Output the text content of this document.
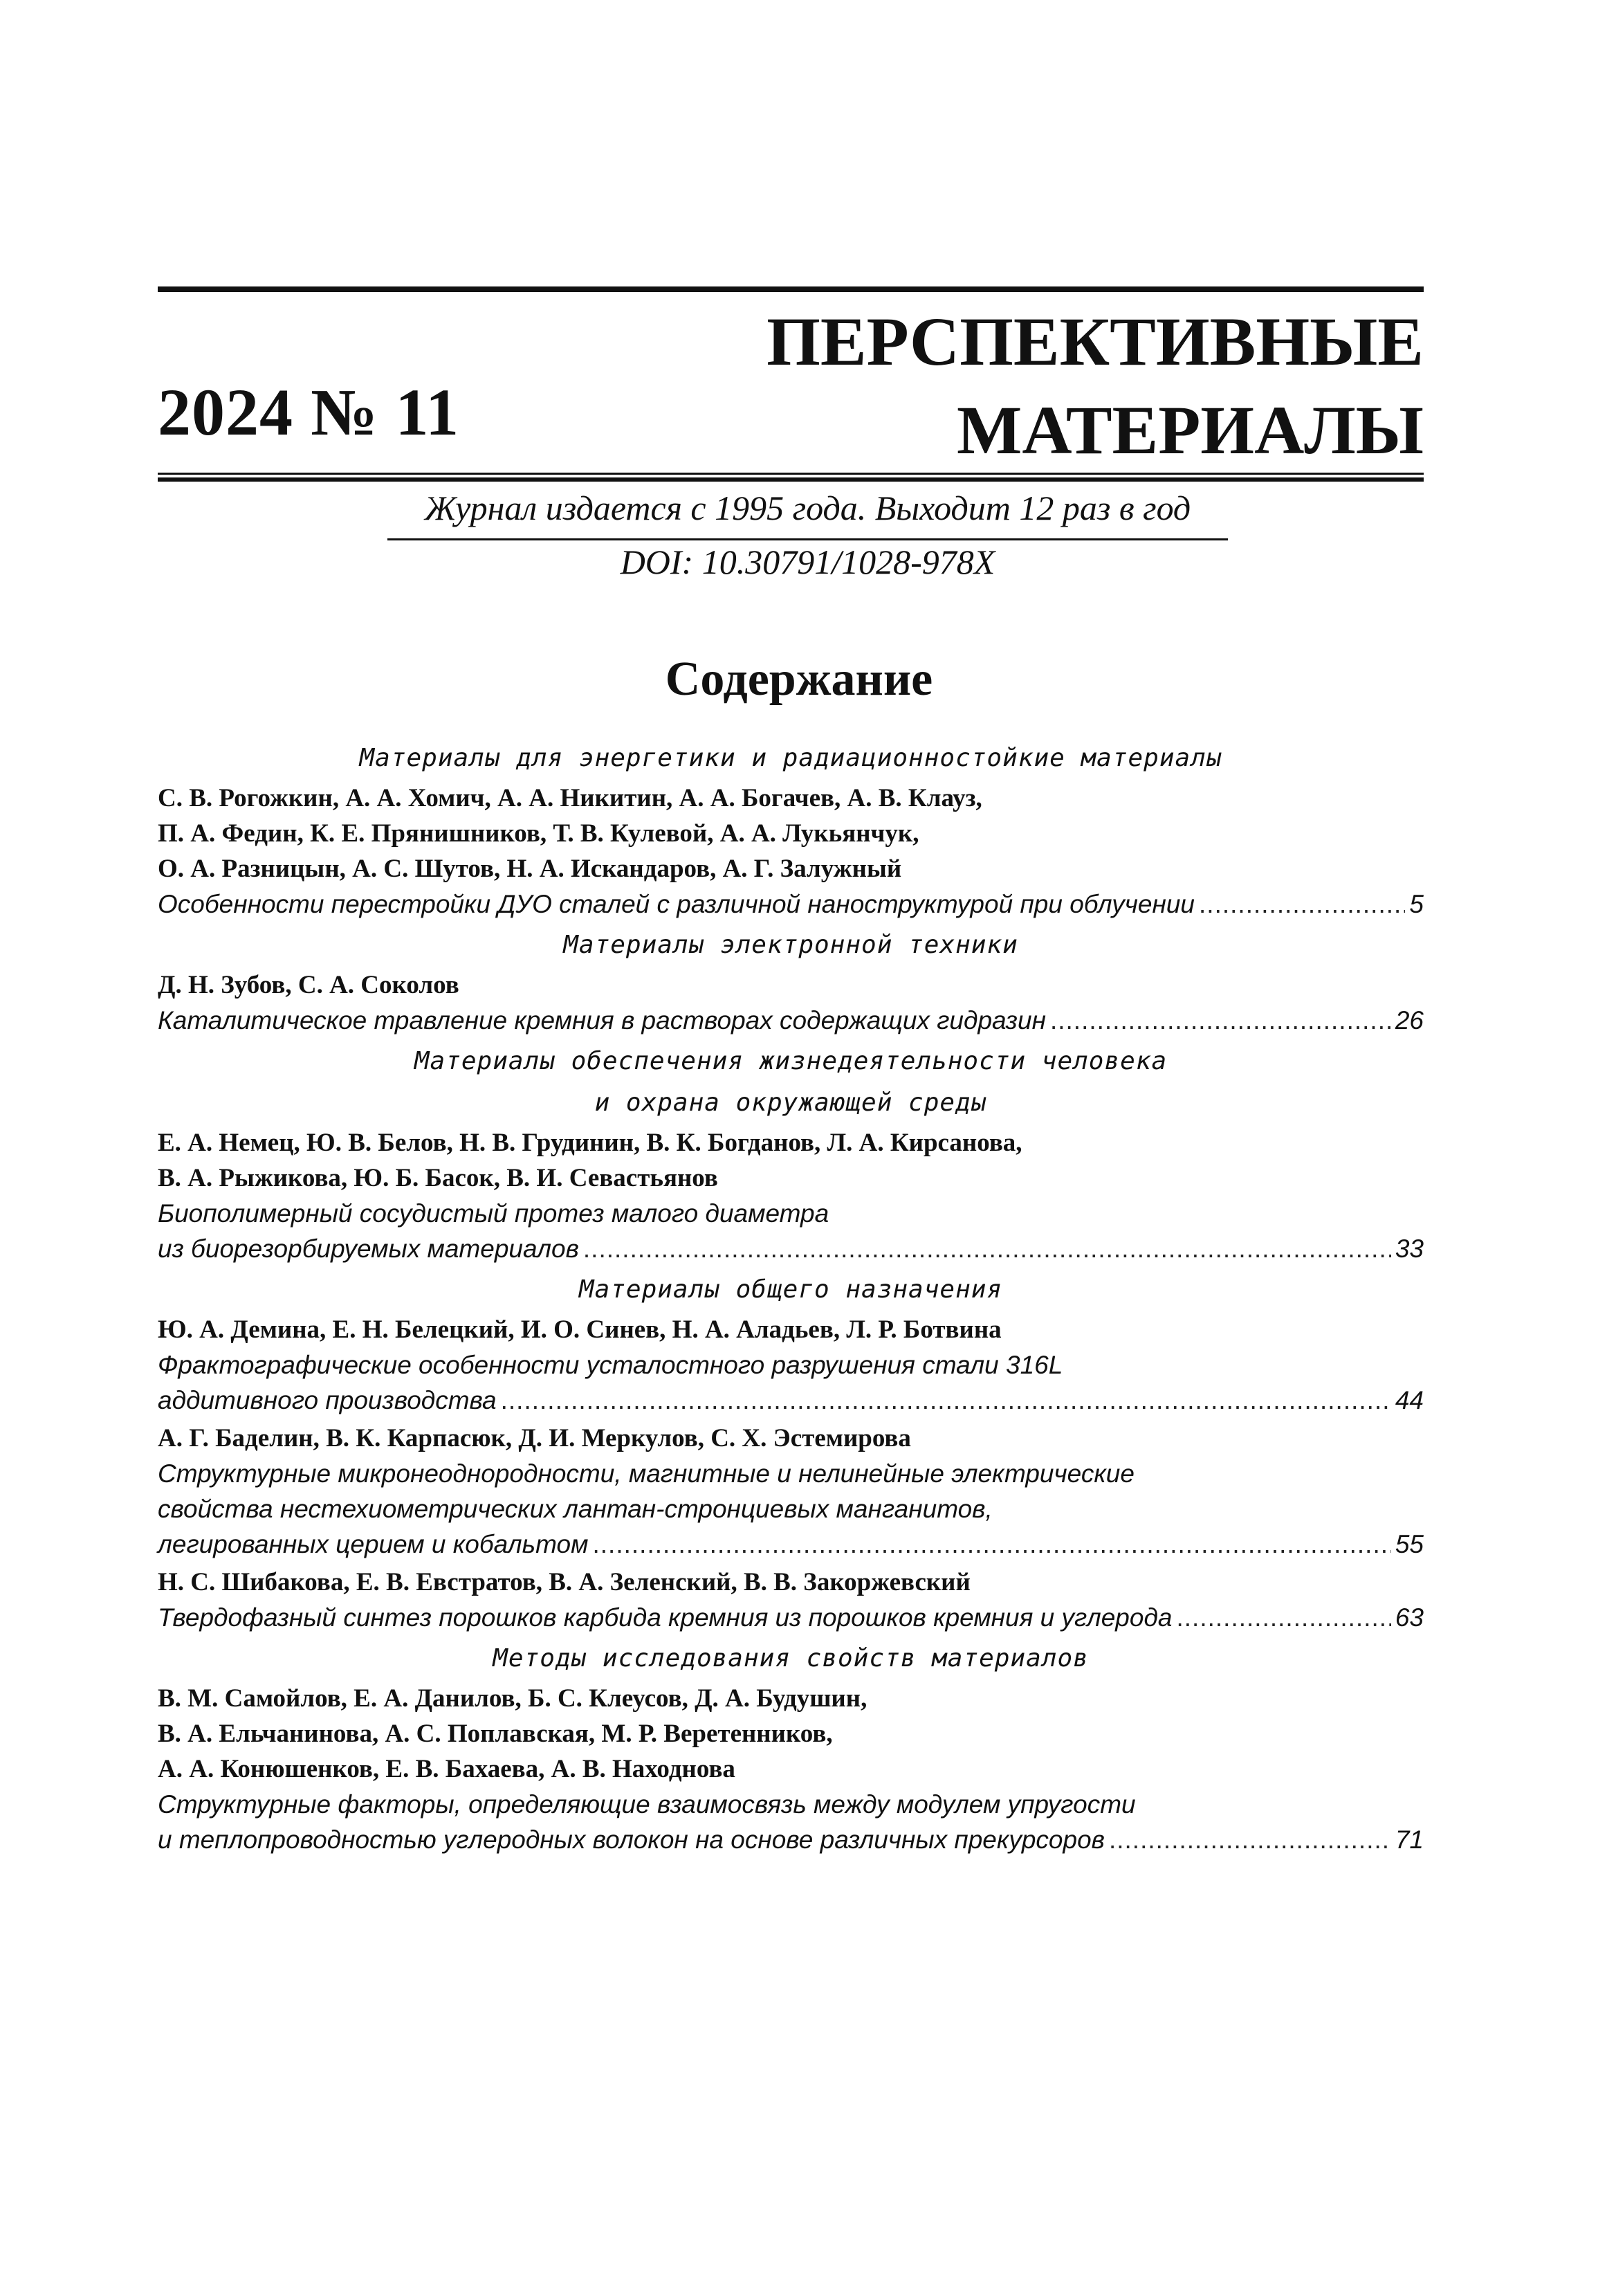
2024 № 11
ПЕРСПЕКТИВНЫЕ
МАТЕРИАЛЫ
Журнал издается с 1995 года. Выходит 12 раз в год
DOI: 10.30791/1028-978X
Содержание
Материалы для энергетики и радиационностойкие материалы
С. В. Рогожкин, А. А. Хомич, А. А. Никитин, А. А. Богачев, А. В. Клауз,
П. А. Федин, К. Е. Прянишников, Т. В. Кулевой, А. А. Лукьянчук,
О. А. Разницын, А. С. Шутов, Н. А. Искандаров, А. Г. Залужный
Особенности перестройки ДУО сталей с различной наноструктурой при облучении .....	5
Материалы электронной техники
Д. Н. Зубов, С. А. Соколов
Каталитическое травление кремния в растворах содержащих гидразин .....	26
Материалы обеспечения жизнедеятельности человека
и охрана окружающей среды
Е. А. Немец, Ю. В. Белов, Н. В. Грудинин, В. К. Богданов, Л. А. Кирсанова,
В. А. Рыжикова, Ю. Б. Басок, В. И. Севастьянов
Биополимерный сосудистый протез малого диаметра
из биорезорбируемых материалов .....	33
Материалы общего назначения
Ю. А. Демина, Е. Н. Белецкий, И. О. Синев, Н. А. Аладьев, Л. Р. Ботвина
Фрактографические особенности усталостного разрушения стали 316L
аддитивного производства .....	44
А. Г. Баделин, В. К. Карпасюк, Д. И. Меркулов, С. Х. Эстемирова
Структурные микронеоднородности, магнитные и нелинейные электрические
свойства нестехиометрических лантан-стронциевых манганитов,
легированных церием и кобальтом .....	55
Н. С. Шибакова, Е. В. Евстратов, В. А. Зеленский, В. В. Закоржевский
Твердофазный синтез порошков карбида кремния из порошков кремния и углерода .....	63
Методы исследования свойств материалов
В. М. Самойлов, Е. А. Данилов, Б. С. Клеусов, Д. А. Будушин,
В. А. Ельчанинова, А. С. Поплавская, М. Р. Веретенников,
А. А. Конюшенков, Е. В. Бахаева, А. В. Находнова
Структурные факторы, определяющие взаимосвязь между модулем упругости
и теплопроводностью углеродных волокон на основе различных прекурсоров .....	71
